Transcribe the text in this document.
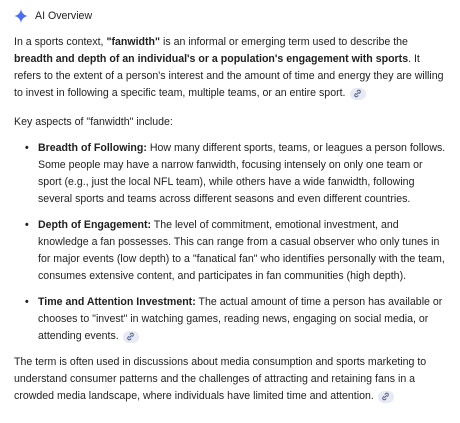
AI Overview

In a sports context, "fanwidth" is an informal or emerging term used to describe the breadth and depth of an individual's or a population's engagement with sports. It refers to the extent of a person's interest and the amount of time and energy they are willing to invest in following a specific team, multiple teams, or an entire sport.

Key aspects of "fanwidth" include:

• Breadth of Following: How many different sports, teams, or leagues a person follows. Some people may have a narrow fanwidth, focusing intensely on only one team or sport (e.g., just the local NFL team), while others have a wide fanwidth, following several sports and teams across different seasons and even different countries.
• Depth of Engagement: The level of commitment, emotional investment, and knowledge a fan possesses. This can range from a casual observer who only tunes in for major events (low depth) to a "fanatical fan" who identifies personally with the team, consumes extensive content, and participates in fan communities (high depth).
• Time and Attention Investment: The actual amount of time a person has available or chooses to "invest" in watching games, reading news, engaging on social media, or attending events.

The term is often used in discussions about media consumption and sports marketing to understand consumer patterns and the challenges of attracting and retaining fans in a crowded media landscape, where individuals have limited time and attention.
